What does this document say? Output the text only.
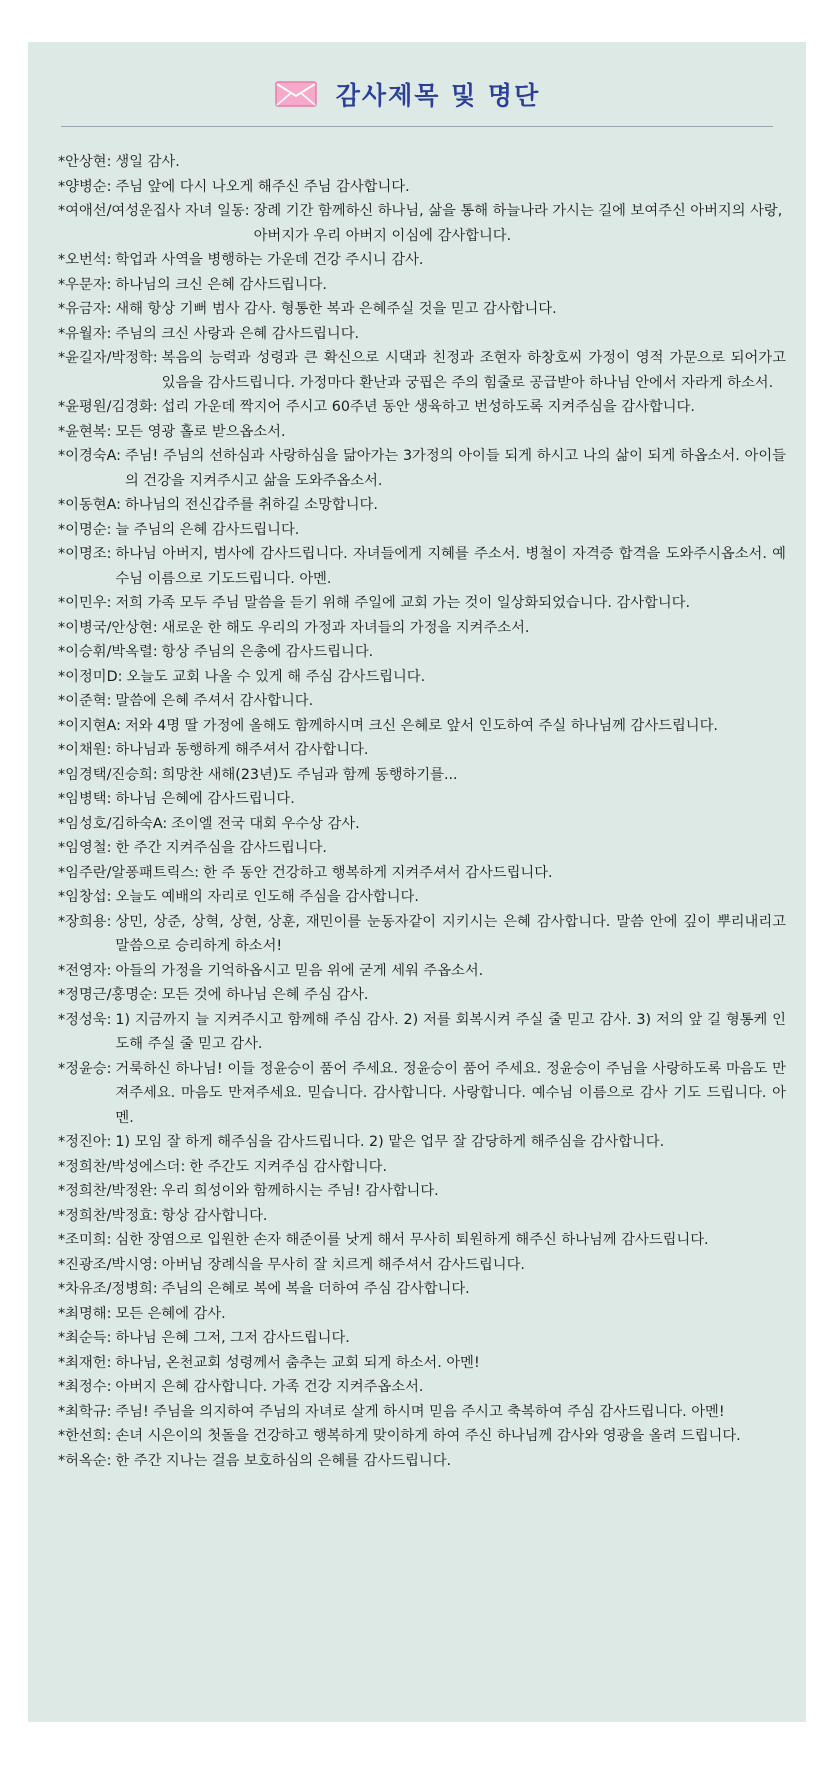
감사제목 및 명단
*안상현: 생일 감사.
*양병순: 주님 앞에 다시 나오게 해주신 주님 감사합니다.
*여애선/여성운집사 자녀 일동: 장례 기간 함께하신 하나님, 삶을 통해 하늘나라 가시는 길에 보여주신 아버지의 사랑, 아버지가 우리 아버지 이심에 감사합니다.
*오번석: 학업과 사역을 병행하는 가운데 건강 주시니 감사.
*우문자: 하나님의 크신 은혜 감사드립니다.
*유금자: 새해 항상 기뻐 범사 감사. 형통한 복과 은혜주실 것을 믿고 감사합니다.
*유월자: 주님의 크신 사랑과 은혜 감사드립니다.
*윤길자/박정학: 복음의 능력과 성령과 큰 확신으로 시댁과 친정과 조현자 하창호씨 가정이 영적 가문으로 되어가고 있음을 감사드립니다. 가정마다 환난과 궁핍은 주의 힘줄로 공급받아 하나님 안에서 자라게 하소서.
*윤평원/김경화: 섭리 가운데 짝지어 주시고 60주년 동안 생육하고 번성하도록 지켜주심을 감사합니다.
*윤현복: 모든 영광 홀로 받으옵소서.
*이경숙A: 주님! 주님의 선하심과 사랑하심을 닮아가는 3가정의 아이들 되게 하시고 나의 삶이 되게 하옵소서. 아이들의 건강을 지켜주시고 삶을 도와주옵소서.
*이동현A: 하나님의 전신갑주를 취하길 소망합니다.
*이명순: 늘 주님의 은혜 감사드립니다.
*이명조: 하나님 아버지, 범사에 감사드립니다. 자녀들에게 지혜를 주소서. 병철이 자격증 합격을 도와주시옵소서. 예수님 이름으로 기도드립니다. 아멘.
*이민우: 저희 가족 모두 주님 말씀을 듣기 위해 주일에 교회 가는 것이 일상화되었습니다. 감사합니다.
*이병국/안상현: 새로운 한 해도 우리의 가정과 자녀들의 가정을 지켜주소서.
*이승휘/박옥렬: 항상 주님의 은총에 감사드립니다.
*이정미D: 오늘도 교회 나올 수 있게 해 주심 감사드립니다.
*이준혁: 말씀에 은혜 주셔서 감사합니다.
*이지현A: 저와 4명 딸 가정에 올해도 함께하시며 크신 은혜로 앞서 인도하여 주실 하나님께 감사드립니다.
*이채원: 하나님과 동행하게 해주셔서 감사합니다.
*임경택/진승희: 희망찬 새해(23년)도 주님과 함께 동행하기를...
*임병택: 하나님 은혜에 감사드립니다.
*임성호/김하숙A: 조이엘 전국 대회 우수상 감사.
*임영철: 한 주간 지켜주심을 감사드립니다.
*임주란/알퐁패트릭스: 한 주 동안 건강하고 행복하게 지켜주셔서 감사드립니다.
*임창섭: 오늘도 예배의 자리로 인도해 주심을 감사합니다.
*장희용: 상민, 상준, 상혁, 상현, 상훈, 재민이를 눈동자같이 지키시는 은혜 감사합니다. 말씀 안에 깊이 뿌리내리고 말씀으로 승리하게 하소서!
*전영자: 아들의 가정을 기억하옵시고 믿음 위에 굳게 세워 주옵소서.
*정명근/홍명순: 모든 것에 하나님 은혜 주심 감사.
*정성욱: 1) 지금까지 늘 지켜주시고 함께해 주심 감사. 2) 저를 회복시켜 주실 줄 믿고 감사. 3) 저의 앞 길 형통케 인도해 주실 줄 믿고 감사.
*정윤승: 거룩하신 하나님! 이들 정윤승이 품어 주세요. 정윤승이 품어 주세요. 정윤승이 주님을 사랑하도록 마음도 만져주세요. 마음도 만져주세요. 믿습니다. 감사합니다. 사랑합니다. 예수님 이름으로 감사 기도 드립니다. 아멘.
*정진아: 1) 모임 잘 하게 해주심을 감사드립니다. 2) 맡은 업무 잘 감당하게 해주심을 감사합니다.
*정희찬/박성에스더: 한 주간도 지켜주심 감사합니다.
*정희찬/박정완: 우리 희성이와 함께하시는 주님! 감사합니다.
*정희찬/박정효: 항상 감사합니다.
*조미희: 심한 장염으로 입원한 손자 해준이를 낫게 해서 무사히 퇴원하게 해주신 하나님께 감사드립니다.
*진광조/박시영: 아버님 장례식을 무사히 잘 치르게 해주셔서 감사드립니다.
*차유조/정병희: 주님의 은혜로 복에 복을 더하여 주심 감사합니다.
*최명해: 모든 은혜에 감사.
*최순득: 하나님 은혜 그저, 그저 감사드립니다.
*최재헌: 하나님, 온천교회 성령께서 춤추는 교회 되게 하소서. 아멘!
*최정수: 아버지 은혜 감사합니다. 가족 건강 지켜주옵소서.
*최학규: 주님! 주님을 의지하여 주님의 자녀로 살게 하시며 믿음 주시고 축복하여 주심 감사드립니다. 아멘!
*한선희: 손녀 시은이의 첫돌을 건강하고 행복하게 맞이하게 하여 주신 하나님께 감사와 영광을 올려 드립니다.
*허옥순: 한 주간 지나는 걸음 보호하심의 은혜를 감사드립니다.
